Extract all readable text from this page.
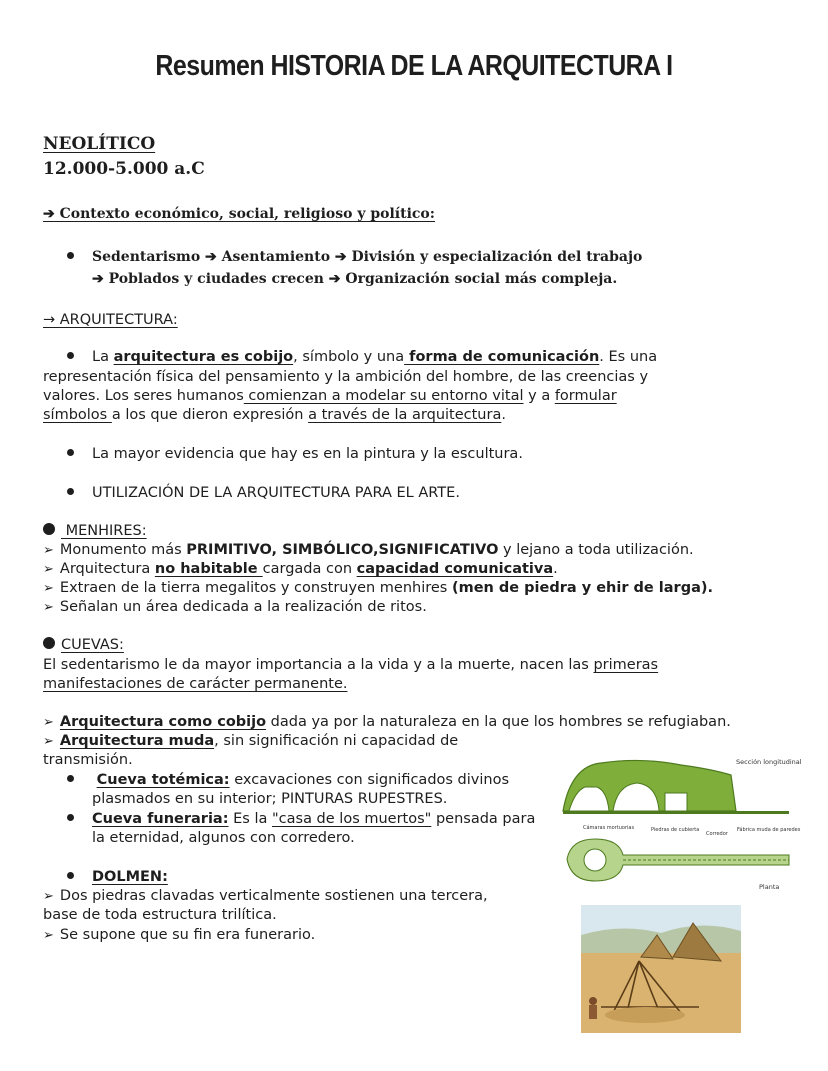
Resumen HISTORIA DE LA ARQUITECTURA I
NEOLÍTICO
12.000-5.000 a.C
➔ Contexto económico, social, religioso y político:
Sedentarismo ➔ Asentamiento ➔ División y especialización del trabajo
➔ Poblados y ciudades crecen ➔ Organización social más compleja.
→ ARQUITECTURA:
La arquitectura es cobijo, símbolo y una forma de comunicación. Es una
representación física del pensamiento y la ambición del hombre, de las creencias y
valores. Los seres humanos comienzan a modelar su entorno vital y a formular
símbolos a los que dieron expresión a través de la arquitectura.
La mayor evidencia que hay es en la pintura y la escultura.
UTILIZACIÓN DE LA ARQUITECTURA PARA EL ARTE.
MENHIRES:
➢ Monumento más PRIMITIVO, SIMBÓLICO,SIGNIFICATIVO y lejano a toda utilización.
➢ Arquitectura no habitable cargada con capacidad comunicativa.
➢ Extraen de la tierra megalitos y construyen menhires (men de piedra y ehir de larga).
➢ Señalan un área dedicada a la realización de ritos.
CUEVAS:
El sedentarismo le da mayor importancia a la vida y a la muerte, nacen las primeras
manifestaciones de carácter permanente.
➢ Arquitectura como cobijo dada ya por la naturaleza en la que los hombres se refugiaban.
➢ Arquitectura muda, sin significación ni capacidad de
transmisión.
Cueva totémica: excavaciones con significados divinos
plasmados en su interior; PINTURAS RUPESTRES.
Cueva funeraria: Es la "casa de los muertos" pensada para
la eternidad, algunos con corredero.
DOLMEN:
➢ Dos piedras clavadas verticalmente sostienen una tercera,
base de toda estructura trilítica.
➢ Se supone que su fin era funerario.
Sección longitudinal
Cámaras mortuorias	Piedras de cubierta
Corredor
Fábrica muda de paredes
Planta
